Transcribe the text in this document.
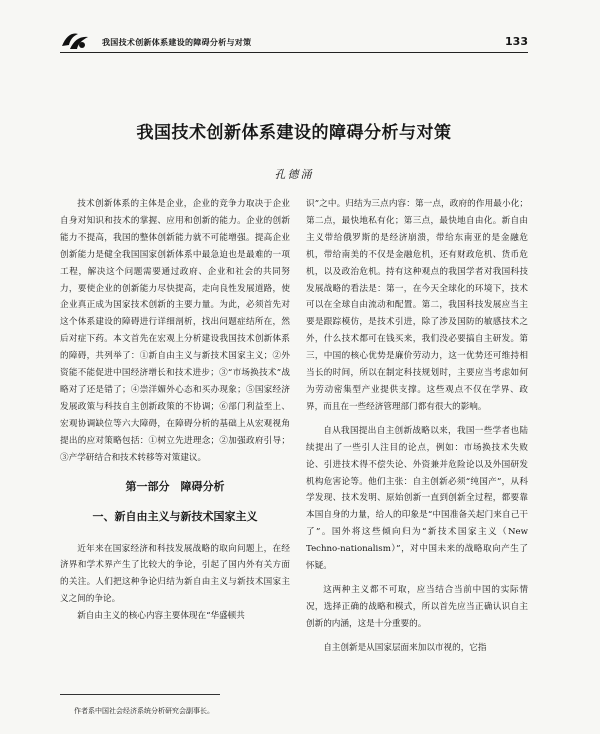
我国技术创新体系建设的障碍分析与对策	133
我国技术创新体系建设的障碍分析与对策
孔德涌

技术创新体系的主体是企业，企业的竞争力取决于企业自身对知识和技术的掌握、应用和创新的能力。企业的创新能力不提高，我国的整体创新能力就不可能增强。提高企业创新能力是健全我国国家创新体系中最急迫也是最难的一项工程，解决这个问题需要通过政府、企业和社会的共同努力，要使企业的创新能力尽快提高，走向良性发展道路，使企业真正成为国家技术创新的主要力量。为此，必须首先对这个体系建设的障碍进行详细剖析，找出问题症结所在，然后对症下药。本文首先在宏观上分析建设我国技术创新体系的障碍，共列举了：①新自由主义与新技术国家主义；②外资能不能促进中国经济增长和技术进步；③“市场换技术”战略对了还是错了；④崇洋媚外心态和买办现象；⑤国家经济发展政策与科技自主创新政策的不协调；⑥部门利益至上、宏观协调缺位等六大障碍，在障碍分析的基础上从宏观视角提出的应对策略包括：①树立先进理念；②加强政府引导；③产学研结合和技术转移等对策建议。

第一部分　障碍分析
一、新自由主义与新技术国家主义

近年来在国家经济和科技发展战略的取向问题上，在经济界和学术界产生了比较大的争论，引起了国内外有关方面的关注。人们把这种争论归结为新自由主义与新技术国家主义之间的争论。

新自由主义的核心内容主要体现在“华盛顿共

识”之中。归结为三点内容：第一点，政府的作用最小化；第二点，最快地私有化；第三点，最快地自由化。新自由主义带给俄罗斯的是经济崩溃，带给东南亚的是金融危机，带给南美的不仅是金融危机，还有财政危机、货币危机，以及政治危机。持有这种观点的我国学者对我国科技发展战略的看法是：第一，在今天全球化的环境下，技术可以在全球自由流动和配置。第二，我国科技发展应当主要是跟踪模仿，是技术引进，除了涉及国防的敏感技术之外，什么技术都可在钱买来，我们没必要搞自主研发。第三，中国的核心优势是廉价劳动力，这一优势还可维持相当长的时间，所以在制定科技规划时，主要应当考虑如何为劳动密集型产业提供支撑。这些观点不仅在学界、政界，而且在一些经济管理部门都有很大的影响。

自从我国提出自主创新战略以来，我国一些学者也陆续提出了一些引人注目的论点，例如：市场换技术失败论、引进技术得不偿失论、外资兼并危险论以及外国研发机构危害论等。他们主张：自主创新必须“纯国产”，从科学发现、技术发明、原始创新一直到创新全过程，都要靠本国自身的力量，给人的印象是“中国准备关起门来自己干了”。国外将这些倾向归为“新技术国家主义（New Techno-nationalism）”，对中国未来的战略取向产生了怀疑。

这两种主义都不可取，应当结合当前中国的实际情况，选择正确的战略和模式，所以首先应当正确认识自主创新的内涵，这是十分重要的。

自主创新是从国家层面来加以市视的，它指

作者系中国社会经济系统分析研究会副事长。
